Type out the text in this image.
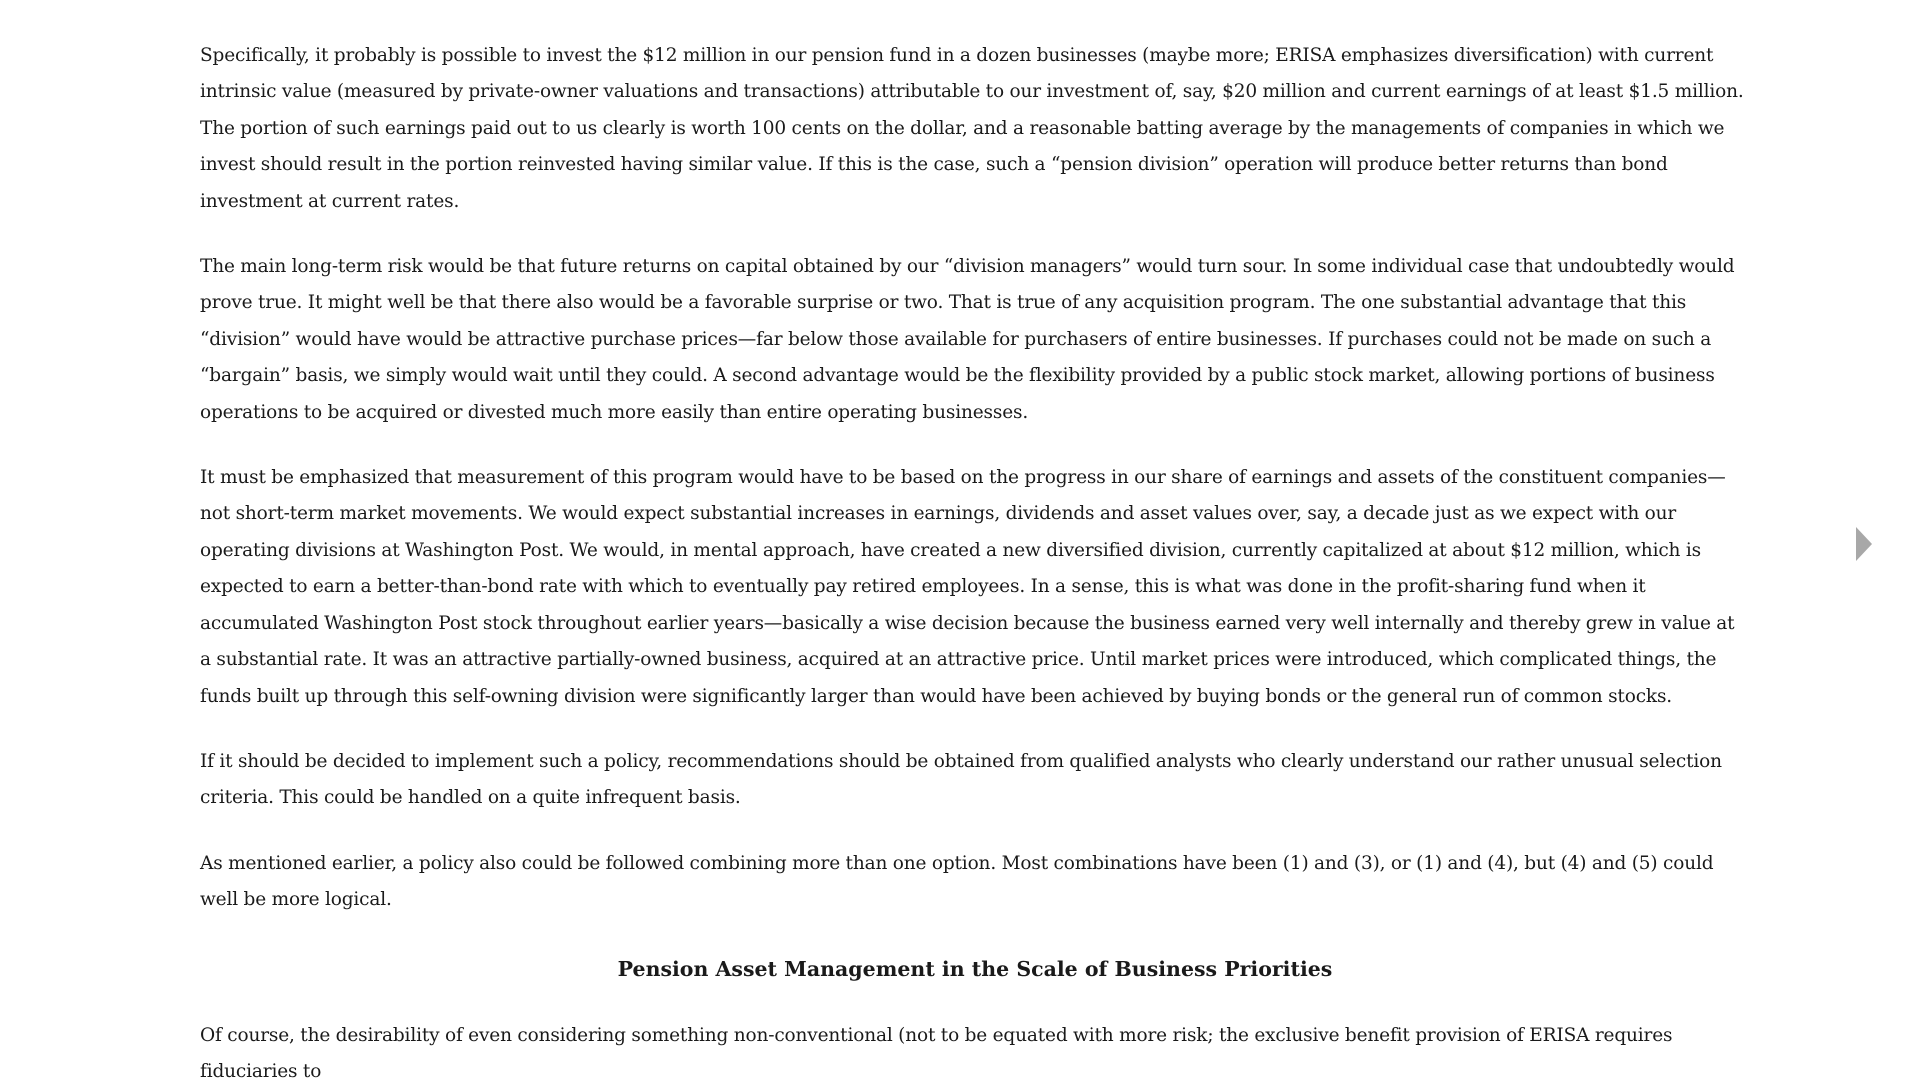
Specifically, it probably is possible to invest the $12 million in our pension fund in a dozen businesses (maybe more; ERISA emphasizes diversification) with current intrinsic value (measured by private-owner valuations and transactions) attributable to our investment of, say, $20 million and current earnings of at least $1.5 million. The portion of such earnings paid out to us clearly is worth 100 cents on the dollar, and a reasonable batting average by the managements of companies in which we invest should result in the portion reinvested having similar value. If this is the case, such a “pension division” operation will produce better returns than bond investment at current rates.

The main long-term risk would be that future returns on capital obtained by our “division managers” would turn sour. In some individual case that undoubtedly would prove true. It might well be that there also would be a favorable surprise or two. That is true of any acquisition program. The one substantial advantage that this “division” would have would be attractive purchase prices—far below those available for purchasers of entire businesses. If purchases could not be made on such a “bargain” basis, we simply would wait until they could. A second advantage would be the flexibility provided by a public stock market, allowing portions of business operations to be acquired or divested much more easily than entire operating businesses.

It must be emphasized that measurement of this program would have to be based on the progress in our share of earnings and assets of the constituent companies—not short-term market movements. We would expect substantial increases in earnings, dividends and asset values over, say, a decade just as we expect with our operating divisions at Washington Post. We would, in mental approach, have created a new diversified division, currently capitalized at about $12 million, which is expected to earn a better-than-bond rate with which to eventually pay retired employees. In a sense, this is what was done in the profit-sharing fund when it accumulated Washington Post stock throughout earlier years—basically a wise decision because the business earned very well internally and thereby grew in value at a substantial rate. It was an attractive partially-owned business, acquired at an attractive price. Until market prices were introduced, which complicated things, the funds built up through this self-owning division were significantly larger than would have been achieved by buying bonds or the general run of common stocks.

If it should be decided to implement such a policy, recommendations should be obtained from qualified analysts who clearly understand our rather unusual selection criteria. This could be handled on a quite infrequent basis.

As mentioned earlier, a policy also could be followed combining more than one option. Most combinations have been (1) and (3), or (1) and (4), but (4) and (5) could well be more logical.

Pension Asset Management in the Scale of Business Priorities

Of course, the desirability of even considering something non-conventional (not to be equated with more risk; the exclusive benefit provision of ERISA requires fiduciaries to
